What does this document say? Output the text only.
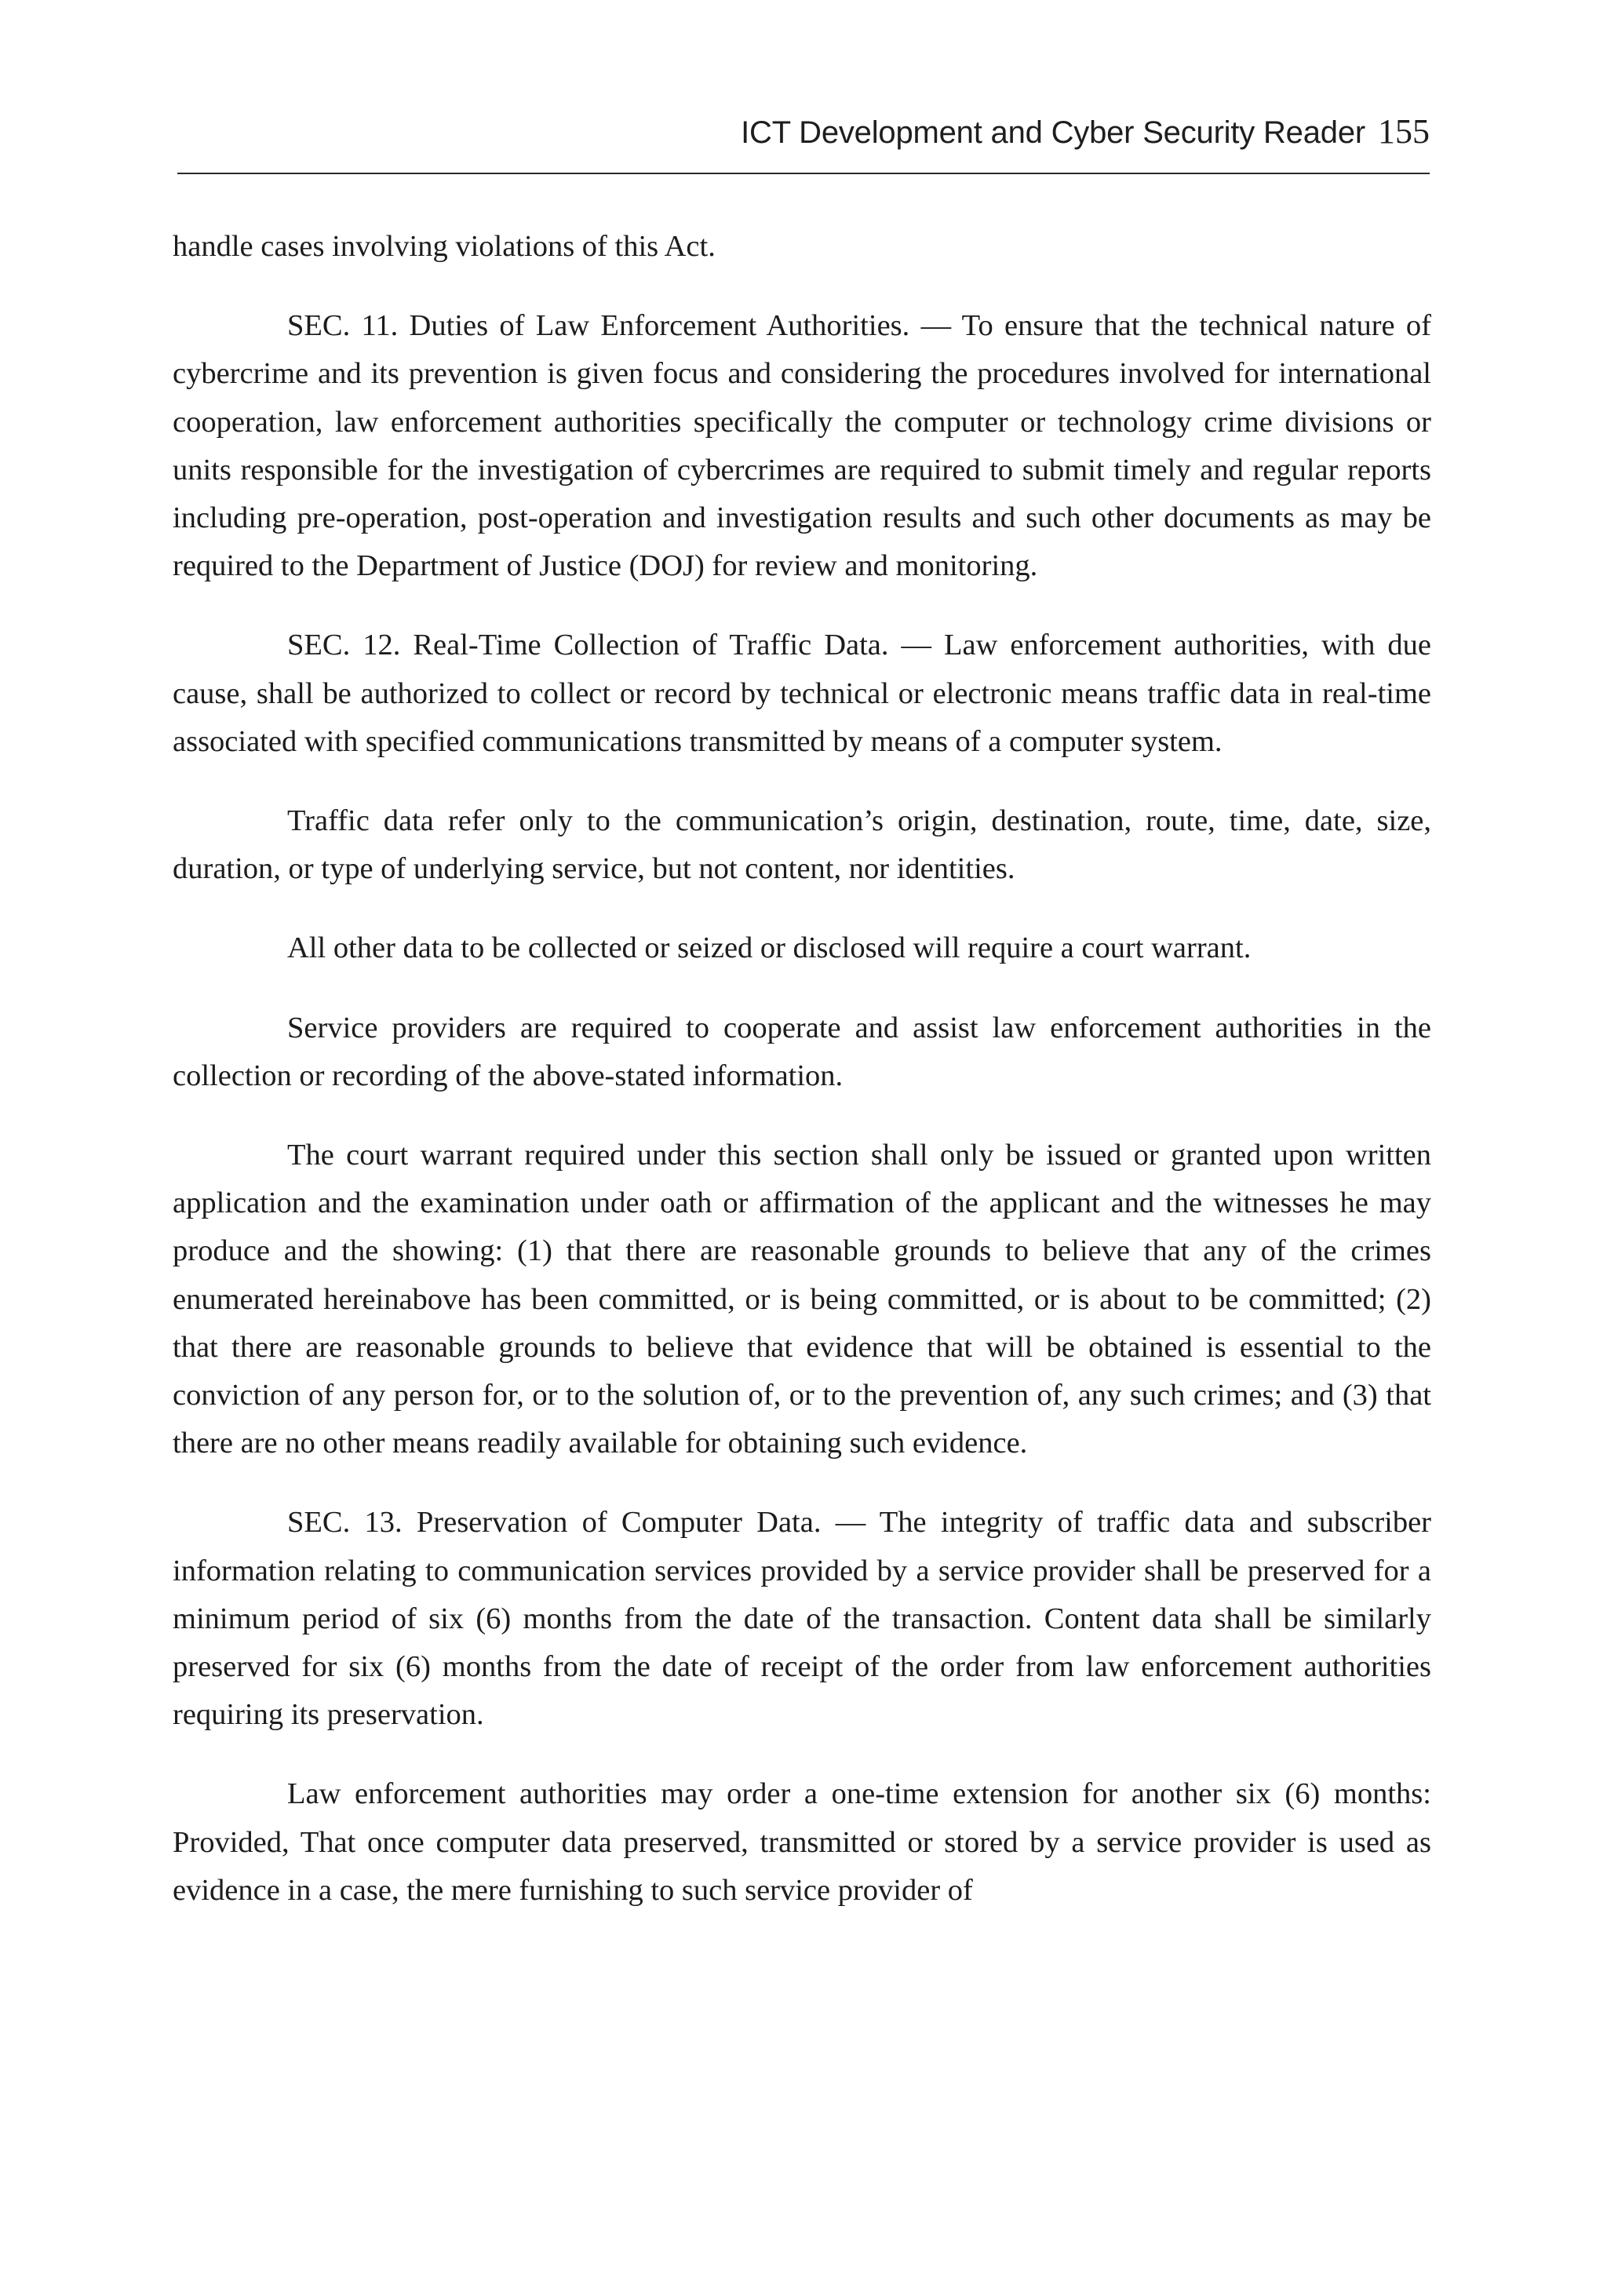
ICT Development and Cyber Security Reader 155

handle cases involving violations of this Act.

SEC. 11. Duties of Law Enforcement Authorities. — To ensure that the technical nature of cybercrime and its prevention is given focus and considering the procedures involved for international cooperation, law enforcement authorities specifically the computer or technology crime divisions or units responsible for the investigation of cybercrimes are required to submit timely and regular reports including pre-operation, post-operation and investigation results and such other documents as may be required to the Department of Justice (DOJ) for review and monitoring.

SEC. 12. Real-Time Collection of Traffic Data. — Law enforcement authorities, with due cause, shall be authorized to collect or record by technical or electronic means traffic data in real-time associated with specified communications transmitted by means of a computer system.

Traffic data refer only to the communication’s origin, destination, route, time, date, size, duration, or type of underlying service, but not content, nor identities.

All other data to be collected or seized or disclosed will require a court warrant.

Service providers are required to cooperate and assist law enforcement authorities in the collection or recording of the above-stated information.

The court warrant required under this section shall only be issued or granted upon written application and the examination under oath or affirmation of the applicant and the witnesses he may produce and the showing: (1) that there are reasonable grounds to believe that any of the crimes enumerated hereinabove has been committed, or is being committed, or is about to be committed; (2) that there are reasonable grounds to believe that evidence that will be obtained is essential to the conviction of any person for, or to the solution of, or to the prevention of, any such crimes; and (3) that there are no other means readily available for obtaining such evidence.

SEC. 13. Preservation of Computer Data. — The integrity of traffic data and subscriber information relating to communication services provided by a service provider shall be preserved for a minimum period of six (6) months from the date of the transaction. Content data shall be similarly preserved for six (6) months from the date of receipt of the order from law enforcement authorities requiring its preservation.

Law enforcement authorities may order a one-time extension for another six (6) months: Provided, That once computer data preserved, transmitted or stored by a service provider is used as evidence in a case, the mere furnishing to such service provider of
